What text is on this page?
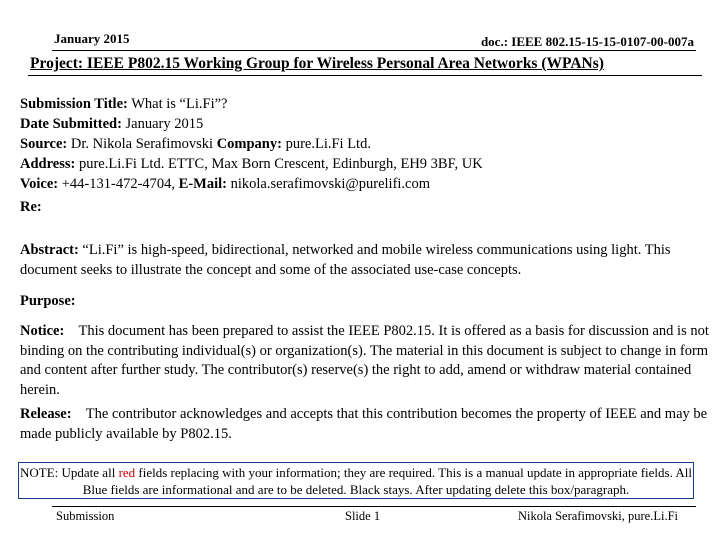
January 2015	doc.: IEEE 802.15-15-15-0107-00-007a
Project: IEEE P802.15 Working Group for Wireless Personal Area Networks (WPANs)
Submission Title: What is “Li.Fi”?
Date Submitted: January 2015
Source: Dr. Nikola Serafimovski Company: pure.Li.Fi Ltd.
Address: pure.Li.Fi Ltd. ETTC, Max Born Crescent, Edinburgh, EH9 3BF, UK
Voice: +44-131-472-4704, E-Mail: nikola.serafimovski@purelifi.com
Re:
Abstract: “Li.Fi” is high-speed, bidirectional, networked and mobile wireless communications using light. This document seeks to illustrate the concept and some of the associated use-case concepts.
Purpose:
Notice: This document has been prepared to assist the IEEE P802.15. It is offered as a basis for discussion and is not binding on the contributing individual(s) or organization(s). The material in this document is subject to change in form and content after further study. The contributor(s) reserve(s) the right to add, amend or withdraw material contained herein.
Release: The contributor acknowledges and accepts that this contribution becomes the property of IEEE and may be made publicly available by P802.15.
NOTE: Update all red fields replacing with your information; they are required. This is a manual update in appropriate fields. All Blue fields are informational and are to be deleted. Black stays. After updating delete this box/paragraph.
Submission	Slide 1	Nikola Serafimovski, pure.Li.Fi
